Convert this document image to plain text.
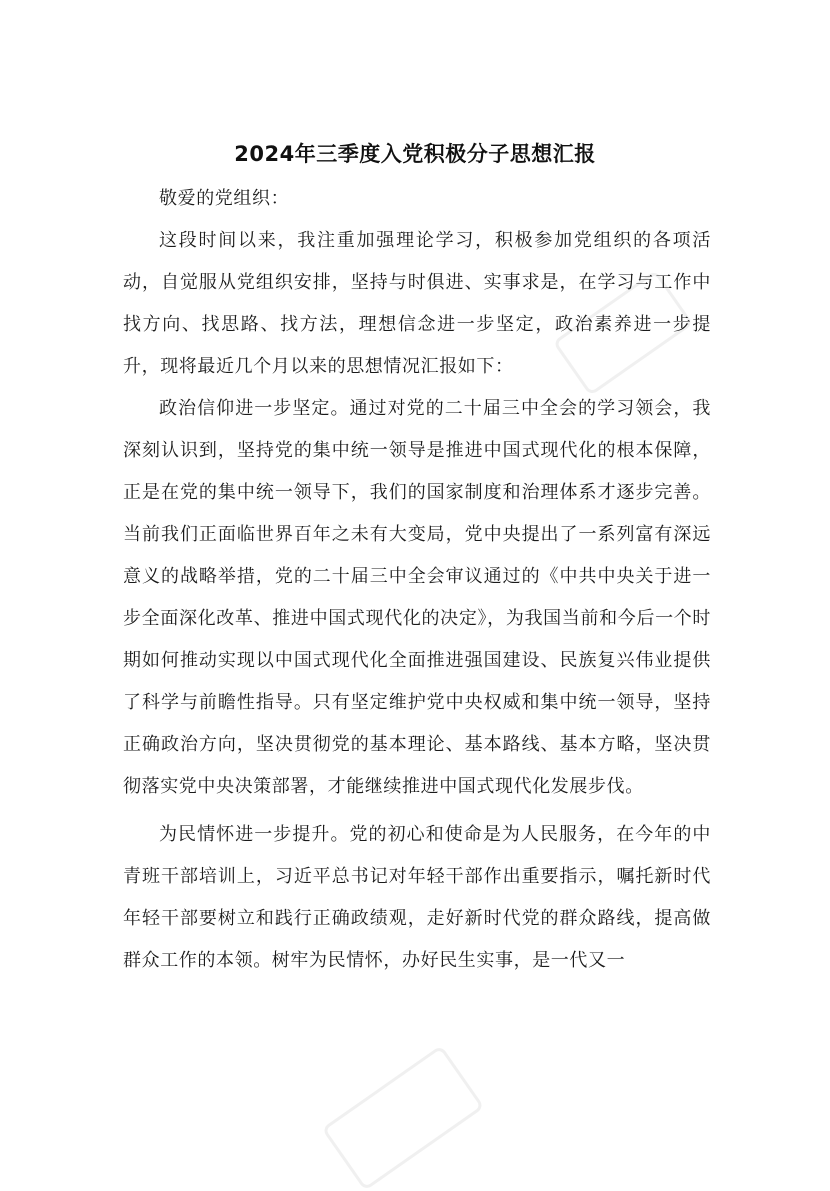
2024年三季度入党积极分子思想汇报

敬爱的党组织：

这段时间以来，我注重加强理论学习，积极参加党组织的各项活动，自觉服从党组织安排，坚持与时俱进、实事求是，在学习与工作中找方向、找思路、找方法，理想信念进一步坚定，政治素养进一步提升，现将最近几个月以来的思想情况汇报如下：

政治信仰进一步坚定。通过对党的二十届三中全会的学习领会，我深刻认识到，坚持党的集中统一领导是推进中国式现代化的根本保障，正是在党的集中统一领导下，我们的国家制度和治理体系才逐步完善。当前我们正面临世界百年之未有大变局，党中央提出了一系列富有深远意义的战略举措，党的二十届三中全会审议通过的《中共中央关于进一步全面深化改革、推进中国式现代化的决定》，为我国当前和今后一个时期如何推动实现以中国式现代化全面推进强国建设、民族复兴伟业提供了科学与前瞻性指导。只有坚定维护党中央权威和集中统一领导，坚持正确政治方向，坚决贯彻党的基本理论、基本路线、基本方略，坚决贯彻落实党中央决策部署，才能继续推进中国式现代化发展步伐。

为民情怀进一步提升。党的初心和使命是为人民服务，在今年的中青班干部培训上，习近平总书记对年轻干部作出重要指示，嘱托新时代年轻干部要树立和践行正确政绩观，走好新时代党的群众路线，提高做群众工作的本领。树牢为民情怀，办好民生实事，是一代又一
